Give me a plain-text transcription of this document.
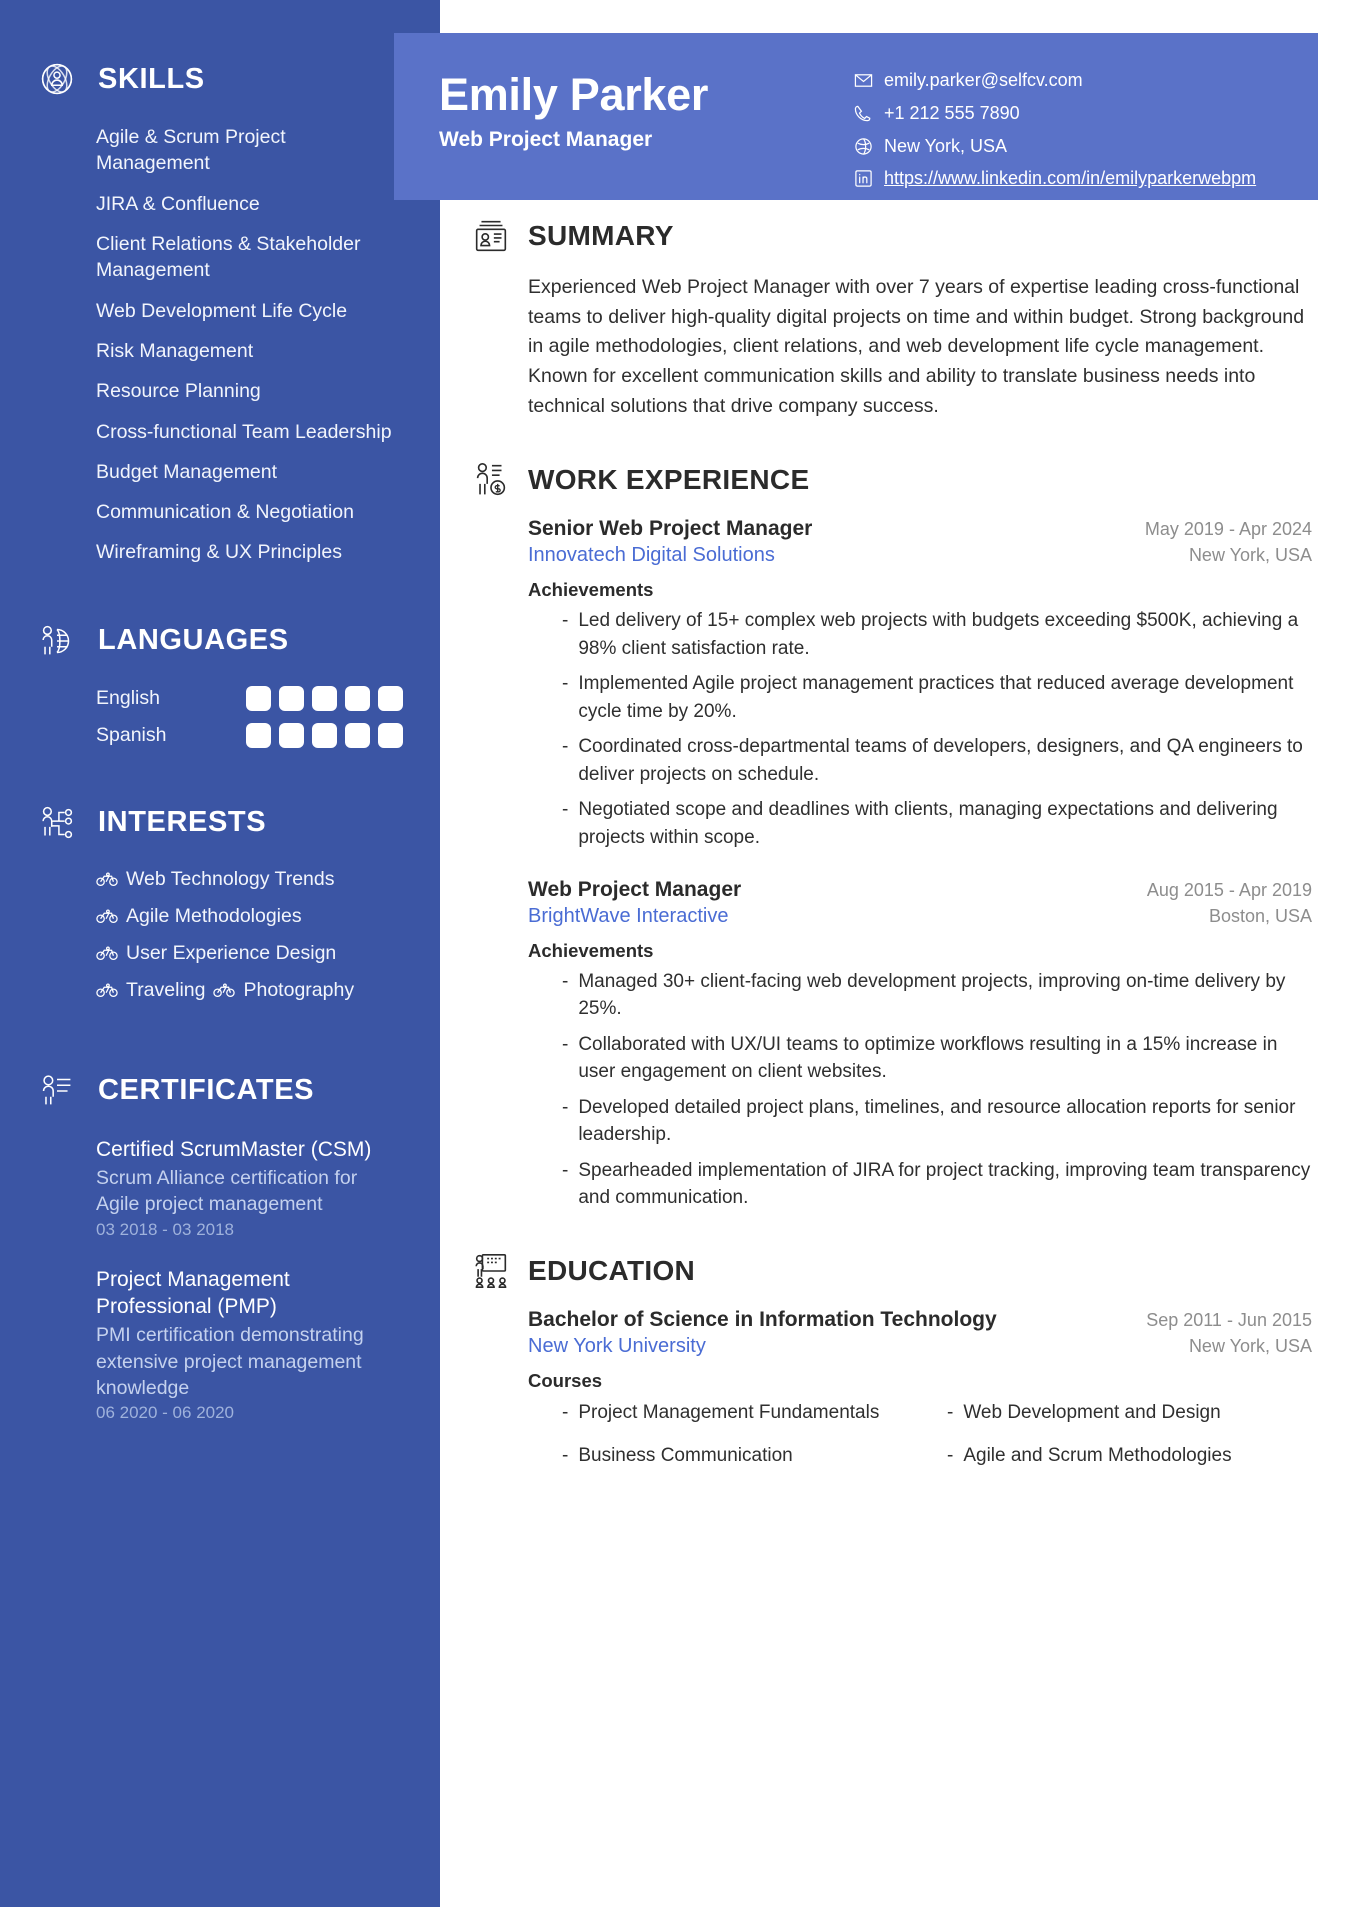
SKILLS
Agile & Scrum Project Management
JIRA & Confluence
Client Relations & Stakeholder Management
Web Development Life Cycle
Risk Management
Resource Planning
Cross-functional Team Leadership
Budget Management
Communication & Negotiation
Wireframing & UX Principles
LANGUAGES
English
Spanish
INTERESTS
Web Technology Trends
Agile Methodologies
User Experience Design
Traveling Photography
CERTIFICATES
Certified ScrumMaster (CSM)
Scrum Alliance certification for Agile project management
03 2018 - 03 2018
Project Management Professional (PMP)
PMI certification demonstrating extensive project management knowledge
06 2020 - 06 2020
Emily Parker
Web Project Manager
emily.parker@selfcv.com
+1 212 555 7890
New York, USA
https://www.linkedin.com/in/emilyparkerwebpm
SUMMARY

Experienced Web Project Manager with over 7 years of expertise leading cross-functional teams to deliver high-quality digital projects on time and within budget. Strong background in agile methodologies, client relations, and web development life cycle management. Known for excellent communication skills and ability to translate business needs into technical solutions that drive company success.

WORK EXPERIENCE
Senior Web Project Manager	May 2019 - Apr 2024
Innovatech Digital Solutions	New York, USA
Achievements
- Led delivery of 15+ complex web projects with budgets exceeding $500K, achieving a 98% client satisfaction rate.
- Implemented Agile project management practices that reduced average development cycle time by 20%.
- Coordinated cross-departmental teams of developers, designers, and QA engineers to deliver projects on schedule.
- Negotiated scope and deadlines with clients, managing expectations and delivering projects within scope.
Web Project Manager	Aug 2015 - Apr 2019
BrightWave Interactive	Boston, USA
Achievements
- Managed 30+ client-facing web development projects, improving on-time delivery by 25%.
- Collaborated with UX/UI teams to optimize workflows resulting in a 15% increase in user engagement on client websites.
- Developed detailed project plans, timelines, and resource allocation reports for senior leadership.
- Spearheaded implementation of JIRA for project tracking, improving team transparency and communication.
EDUCATION
Bachelor of Science in Information Technology	Sep 2011 - Jun 2015
New York University	New York, USA
Courses
- Project Management Fundamentals	- Web Development and Design
- Business Communication	- Agile and Scrum Methodologies
